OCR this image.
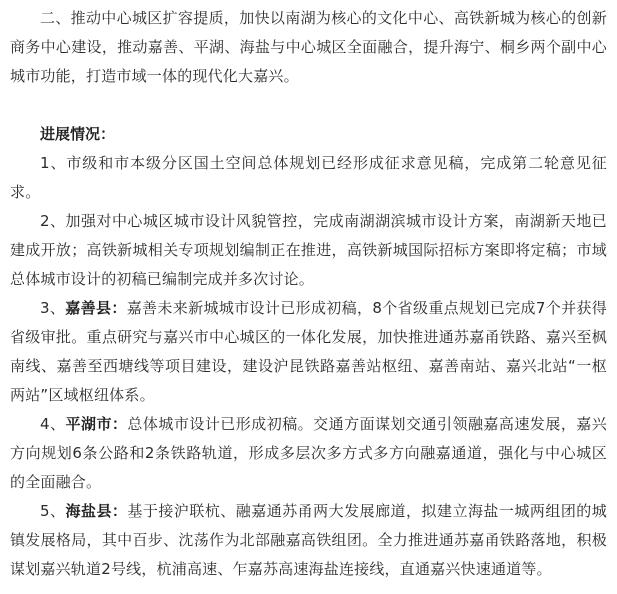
二、推动中心城区扩容提质，加快以南湖为核心的文化中心、高铁新城为核心的创新商务中心建设，推动嘉善、平湖、海盐与中心城区全面融合，提升海宁、桐乡两个副中心城市功能，打造市域一体的现代化大嘉兴。

进展情况：

1、市级和市本级分区国土空间总体规划已经形成征求意见稿，完成第二轮意见征求。

2、加强对中心城区城市设计风貌管控，完成南湖湖滨城市设计方案，南湖新天地已建成开放；高铁新城相关专项规划编制正在推进，高铁新城国际招标方案即将定稿；市域总体城市设计的初稿已编制完成并多次讨论。

3、嘉善县：嘉善未来新城城市设计已形成初稿，8个省级重点规划已完成7个并获得省级审批。重点研究与嘉兴市中心城区的一体化发展，加快推进通苏嘉甬铁路、嘉兴至枫南线、嘉善至西塘线等项目建设，建设沪昆铁路嘉善站枢纽、嘉善南站、嘉兴北站“一枢两站”区域枢纽体系。

4、平湖市：总体城市设计已形成初稿。交通方面谋划交通引领融嘉高速发展，嘉兴方向规划6条公路和2条铁路轨道，形成多层次多方式多方向融嘉通道，强化与中心城区的全面融合。

5、海盐县：基于接沪联杭、融嘉通苏甬两大发展廊道，拟建立海盐一城两组团的城镇发展格局，其中百步、沈荡作为北部融嘉高铁组团。全力推进通苏嘉甬铁路落地，积极谋划嘉兴轨道2号线，杭浦高速、乍嘉苏高速海盐连接线，直通嘉兴快速通道等。
